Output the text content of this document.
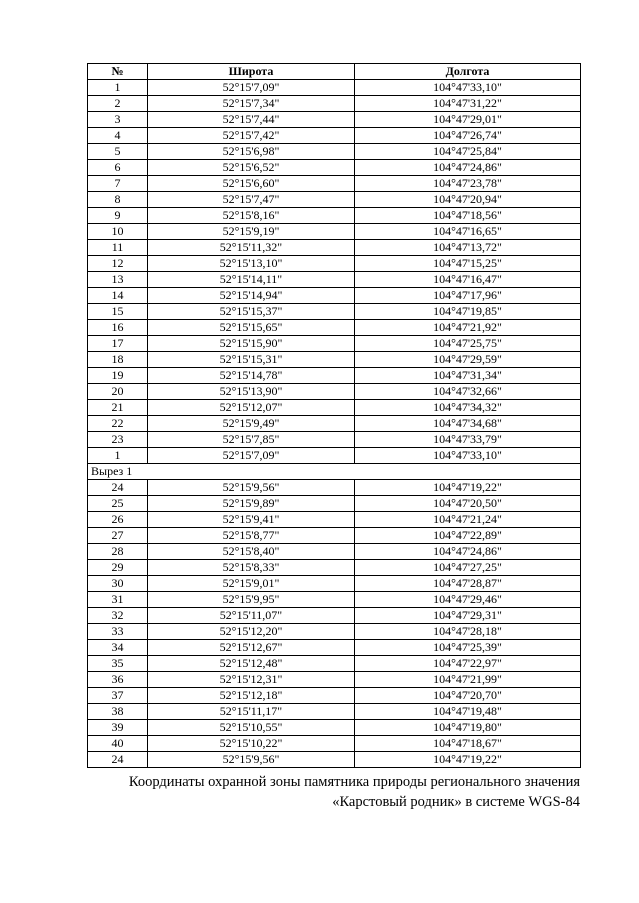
№	Широта	Долгота
1	52°15'7,09"	104°47'33,10"
2	52°15'7,34"	104°47'31,22"
3	52°15'7,44"	104°47'29,01"
4	52°15'7,42"	104°47'26,74"
5	52°15'6,98"	104°47'25,84"
6	52°15'6,52"	104°47'24,86"
7	52°15'6,60"	104°47'23,78"
8	52°15'7,47"	104°47'20,94"
9	52°15'8,16"	104°47'18,56"
10	52°15'9,19"	104°47'16,65"
11	52°15'11,32"	104°47'13,72"
12	52°15'13,10"	104°47'15,25"
13	52°15'14,11"	104°47'16,47"
14	52°15'14,94"	104°47'17,96"
15	52°15'15,37"	104°47'19,85"
16	52°15'15,65"	104°47'21,92"
17	52°15'15,90"	104°47'25,75"
18	52°15'15,31"	104°47'29,59"
19	52°15'14,78"	104°47'31,34"
20	52°15'13,90"	104°47'32,66"
21	52°15'12,07"	104°47'34,32"
22	52°15'9,49"	104°47'34,68"
23	52°15'7,85"	104°47'33,79"
1	52°15'7,09"	104°47'33,10"
Вырез 1		
24	52°15'9,56"	104°47'19,22"
25	52°15'9,89"	104°47'20,50"
26	52°15'9,41"	104°47'21,24"
27	52°15'8,77"	104°47'22,89"
28	52°15'8,40"	104°47'24,86"
29	52°15'8,33"	104°47'27,25"
30	52°15'9,01"	104°47'28,87"
31	52°15'9,95"	104°47'29,46"
32	52°15'11,07"	104°47'29,31"
33	52°15'12,20"	104°47'28,18"
34	52°15'12,67"	104°47'25,39"
35	52°15'12,48"	104°47'22,97"
36	52°15'12,31"	104°47'21,99"
37	52°15'12,18"	104°47'20,70"
38	52°15'11,17"	104°47'19,48"
39	52°15'10,55"	104°47'19,80"
40	52°15'10,22"	104°47'18,67"
24	52°15'9,56"	104°47'19,22"
Координаты охранной зоны памятника природы регионального значения
«Карстовый родник» в системе WGS-84
